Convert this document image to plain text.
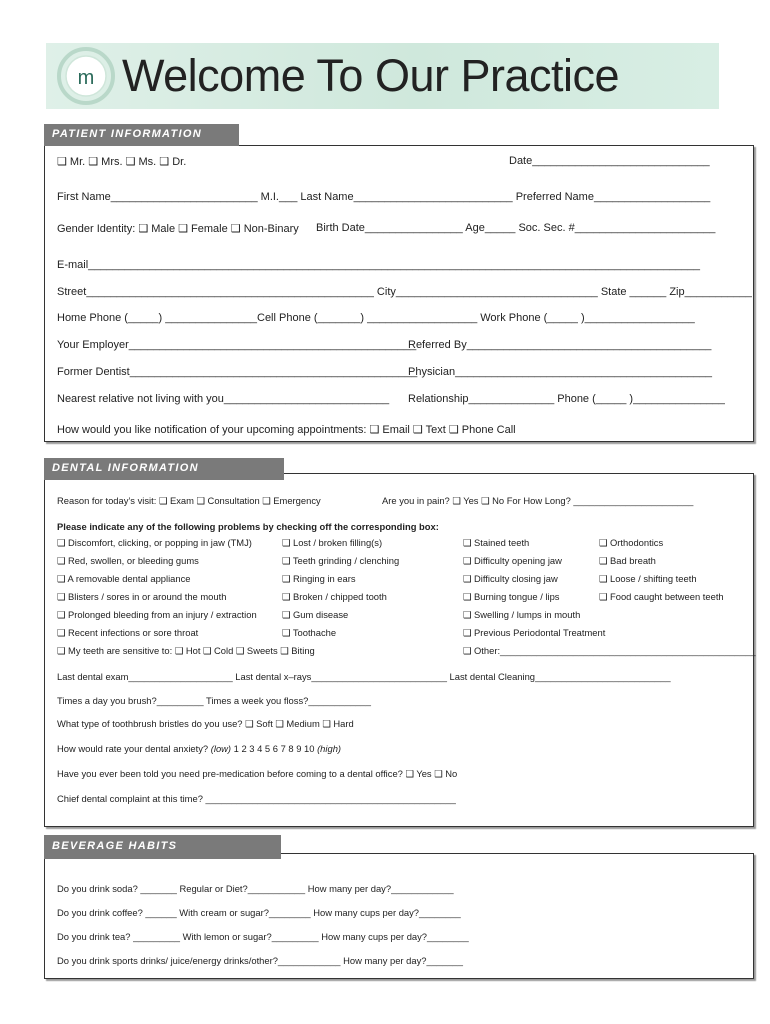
m Welcome To Our Practice
PATIENT INFORMATION
❑ Mr. ❑ Mrs. ❑ Ms. ❑ Dr.	Date_____________________________
First Name________________________ M.I.___ Last Name__________________________ Preferred Name___________________
Gender Identity: ❑ Male ❑ Female ❑ Non-Binary Birth Date________________ Age_____ Soc. Sec. #_______________________
E-mail____________________________________________________________________________________________________
Street_______________________________________________ City_________________________________ State ______ Zip___________
Home Phone (_____) _______________Cell Phone (_______) __________________ Work Phone (_____ )__________________
Your Employer_______________________________________________
Referred By________________________________________
Former Dentist_______________________________________________
Physician__________________________________________
Nearest relative not living with you___________________________ Relationship______________ Phone (_____ )_______________
How would you like notification of your upcoming appointments: ❑ Email ❑ Text ❑ Phone Call
DENTAL INFORMATION
Reason for today’s visit: ❑ Exam ❑ Consultation ❑ Emergency	Are you in pain? ❑ Yes ❑ No For How Long? _______________________
Please indicate any of the following problems by checking off the corresponding box:
❑ Discomfort, clicking, or popping in jaw (TMJ)
❑ Red, swollen, or bleeding gums
❑ A removable dental appliance
❑ Blisters / sores in or around the mouth
❑ Prolonged bleeding from an injury / extraction
❑ Recent infections or sore throat
❑ My teeth are sensitive to: ❑ Hot ❑ Cold ❑ Sweets ❑ Biting
❑ Lost / broken filling(s)
❑ Teeth grinding / clenching
❑ Ringing in ears
❑ Broken / chipped tooth
❑ Gum disease
❑ Toothache
❑ Stained teeth
❑ Difficulty opening jaw
❑ Difficulty closing jaw
❑ Burning tongue / lips
❑ Swelling / lumps in mouth
❑ Previous Periodontal Treatment
❑ Other:_________________________________________________
❑ Orthodontics
❑ Bad breath
❑ Loose / shifting teeth
❑ Food caught between teeth
Last dental exam____________________ Last dental x–rays__________________________ Last dental Cleaning__________________________
Times a day you brush?_________ Times a week you floss?____________
What type of toothbrush bristles do you use? ❑ Soft ❑ Medium ❑ Hard
How would rate your dental anxiety? (low) 1 2 3 4 5 6 7 8 9 10 (high)
Have you ever been told you need pre-medication before coming to a dental office? ❑ Yes ❑ No
Chief dental complaint at this time? ________________________________________________
BEVERAGE HABITS
Do you drink soda? _______ Regular or Diet?___________ How many per day?____________
Do you drink coffee? ______ With cream or sugar?________ How many cups per day?________
Do you drink tea? _________ With lemon or sugar?_________ How many cups per day?________
Do you drink sports drinks/ juice/energy drinks/other?____________ How many per day?_______
